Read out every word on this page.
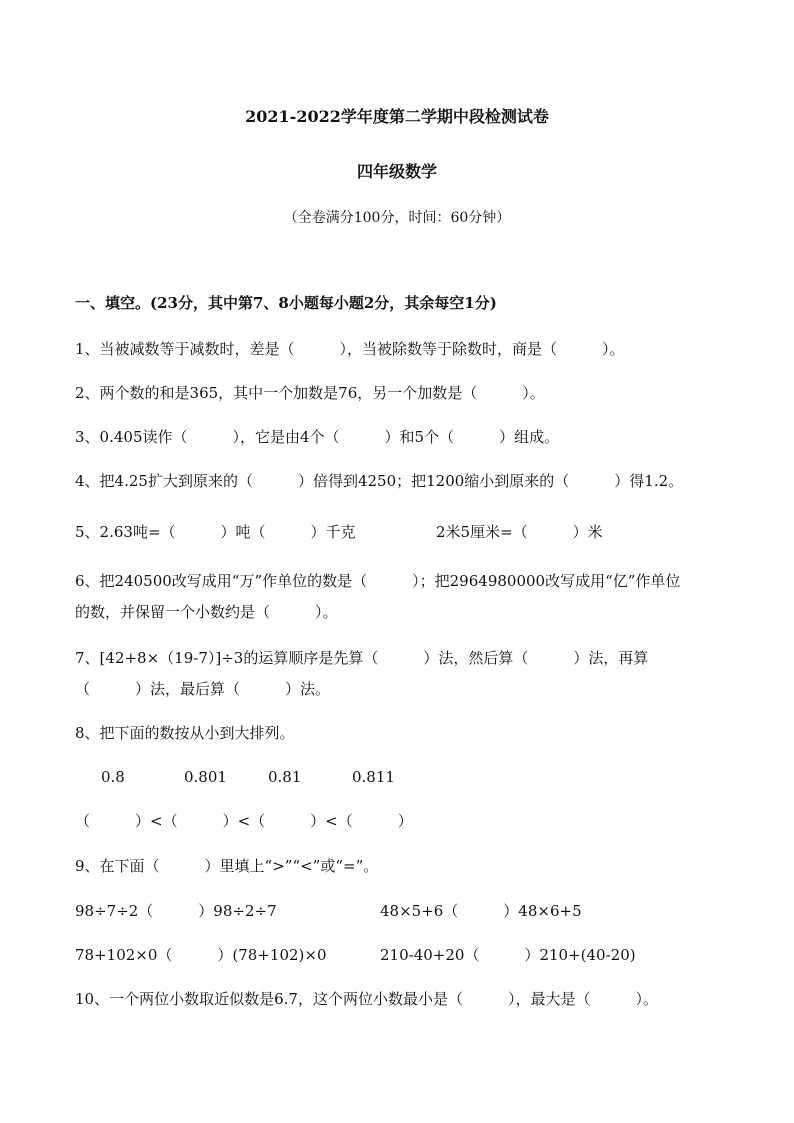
2021-2022学年度第二学期中段检测试卷
四年级数学
（全卷满分100分，时间：60分钟）
一、填空。(23分，其中第7、8小题每小题2分，其余每空1分)
1、当被减数等于减数时，差是（　　　），当被除数等于除数时，商是（　　　）。
2、两个数的和是365，其中一个加数是76，另一个加数是（　　　）。
3、0.405读作（　　　），它是由4个（　　　）和5个（　　　）组成。
4、把4.25扩大到原来的（　　　）倍得到4250；把1200缩小到原来的（　　　）得1.2。
5、2.63吨=（　　　）吨（　　　）千克	2米5厘米=（　　　）米
6、把240500改写成用“万”作单位的数是（　　　）；把2964980000改写成用“亿”作单位
的数，并保留一个小数约是（　　　）。
7、[42+8×（19-7）]÷3的运算顺序是先算（　　　）法，然后算（　　　）法，再算
（　　　）法，最后算（　　　）法。
8、把下面的数按从小到大排列。
0.8	0.801	0.81	0.811
（　　　）<（　　　）<（　　　）<（　　　）
9、在下面（　　　）里填上“>”“<”或“=”。
98÷7÷2（　　　）98÷2÷7	48×5+6（　　　）48×6+5
78+102×0（　　　）(78+102)×0	210-40+20（　　　）210+(40-20)
10、一个两位小数取近似数是6.7，这个两位小数最小是（　　　），最大是（　　　）。
